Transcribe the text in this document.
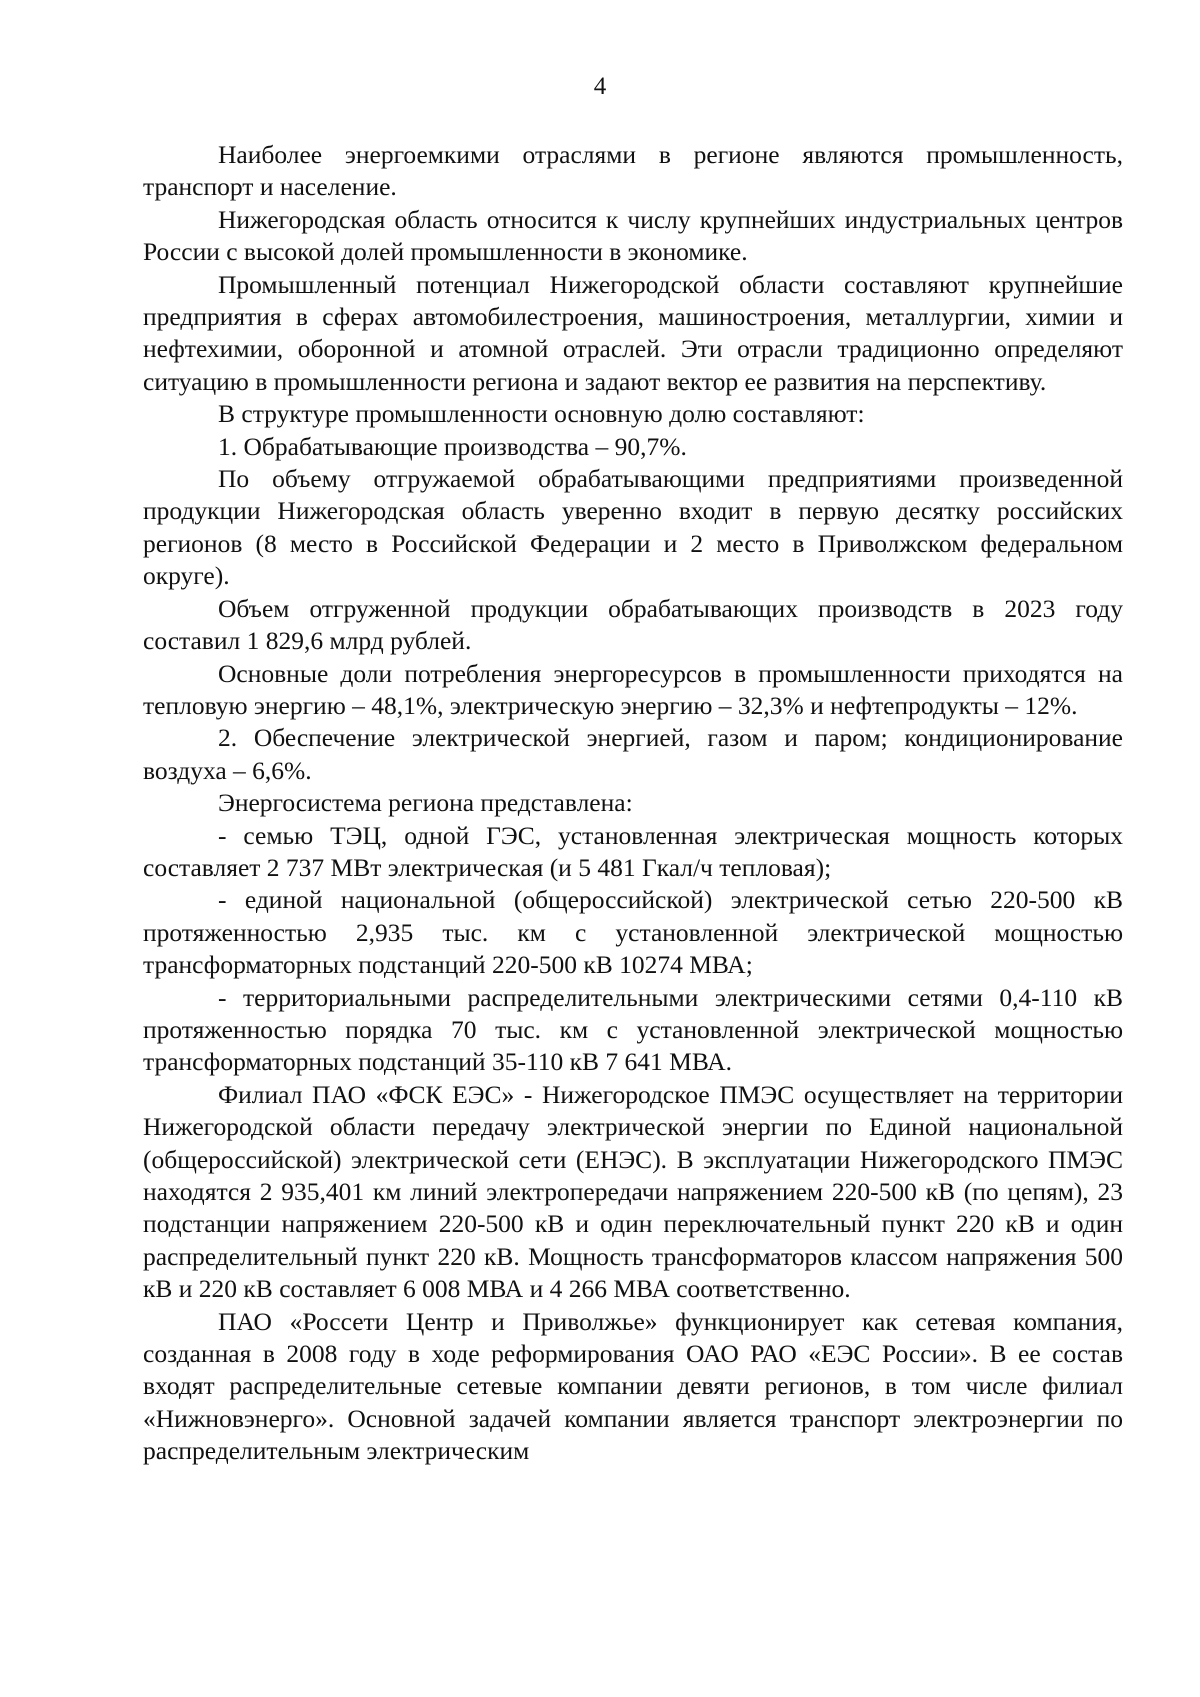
4

Наиболее энергоемкими отраслями в регионе являются промышленность, транспорт и население.

Нижегородская область относится к числу крупнейших индустриальных центров России с высокой долей промышленности в экономике.

Промышленный потенциал Нижегородской области составляют крупнейшие предприятия в сферах автомобилестроения, машиностроения, металлургии, химии и нефтехимии, оборонной и атомной отраслей. Эти отрасли традиционно определяют ситуацию в промышленности региона и задают вектор ее развития на перспективу.

В структуре промышленности основную долю составляют:

1. Обрабатывающие производства – 90,7%.

По объему отгружаемой обрабатывающими предприятиями произведенной продукции Нижегородская область уверенно входит в первую десятку российских регионов (8 место в Российской Федерации и 2 место в Приволжском федеральном округе).

Объем отгруженной продукции обрабатывающих производств в 2023 году составил 1 829,6 млрд рублей.

Основные доли потребления энергоресурсов в промышленности приходятся на тепловую энергию – 48,1%, электрическую энергию – 32,3% и нефтепродукты – 12%.

2. Обеспечение электрической энергией, газом и паром; кондиционирование воздуха – 6,6%.

Энергосистема региона представлена:

- семью ТЭЦ, одной ГЭС, установленная электрическая мощность которых составляет 2 737 МВт электрическая (и 5 481 Гкал/ч тепловая);

- единой национальной (общероссийской) электрической сетью 220-500 кВ протяженностью 2,935 тыс. км с установленной электрической мощностью трансформаторных подстанций 220-500 кВ 10274 МВА;

- территориальными распределительными электрическими сетями 0,4-110 кВ протяженностью порядка 70 тыс. км с установленной электрической мощностью трансформаторных подстанций 35-110 кВ 7 641 МВА.

Филиал ПАО «ФСК ЕЭС» - Нижегородское ПМЭС осуществляет на территории Нижегородской области передачу электрической энергии по Единой национальной (общероссийской) электрической сети (ЕНЭС). В эксплуатации Нижегородского ПМЭС находятся 2 935,401 км линий электропередачи напряжением 220-500 кВ (по цепям), 23 подстанции напряжением 220-500 кВ и один переключательный пункт 220 кВ и один распределительный пункт 220 кВ. Мощность трансформаторов классом напряжения 500 кВ и 220 кВ составляет 6 008 МВА и 4 266 МВА соответственно.

ПАО «Россети Центр и Приволжье» функционирует как сетевая компания, созданная в 2008 году в ходе реформирования ОАО РАО «ЕЭС России». В ее состав входят распределительные сетевые компании девяти регионов, в том числе филиал «Нижновэнерго». Основной задачей компании является транспорт электроэнергии по распределительным электрическим
